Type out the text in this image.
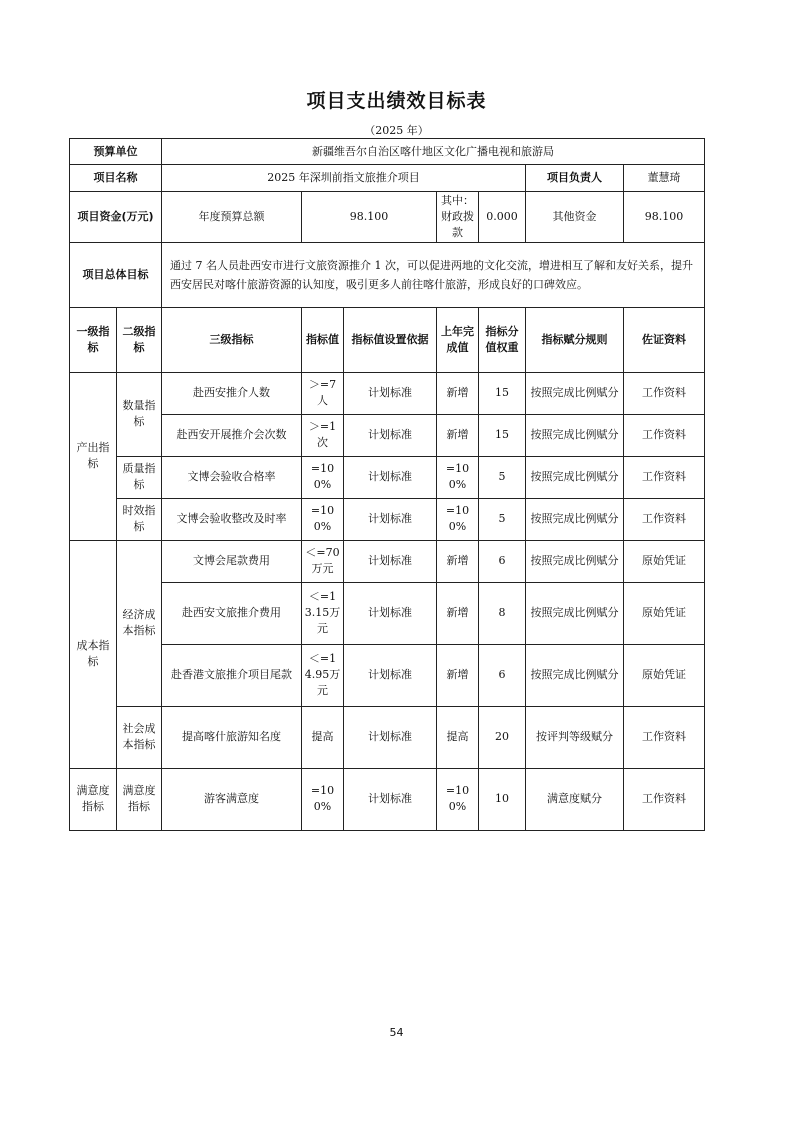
项目支出绩效目标表
（2025 年）
预算单位		新疆维吾尔自治区喀什地区文化广播电视和旅游局						
项目名称		2025 年深圳前指文旅推介项目					项目负责人	董慧琦
项目资金(万元)		年度预算总额	98.100		其中：财政拨款	0.000	其他资金	98.100
项目总体目标		通过 7 名人员赴西安市进行文旅资源推介 1 次，可以促进两地的文化交流，增进相互了解和友好关系，提升西安居民对喀什旅游资源的认知度，吸引更多人前往喀什旅游，形成良好的口碑效应。						
一级指标	二级指标	三级指标	指标值	指标值设置依据	上年完成值	指标分值权重	指标赋分规则	佐证资料
产出指标	数量指标	赴西安推介人数	＞=7人	计划标准	新增	15	按照完成比例赋分	工作资料
		赴西安开展推介会次数	＞=1次	计划标准	新增	15	按照完成比例赋分	工作资料
	质量指标	文博会验收合格率	=100%	计划标准	=100%	5	按照完成比例赋分	工作资料
	时效指标	文博会验收整改及时率	=100%	计划标准	=100%	5	按照完成比例赋分	工作资料
成本指标	经济成本指标	文博会尾款费用	＜=70万元	计划标准	新增	6	按照完成比例赋分	原始凭证
		赴西安文旅推介费用	＜=13.15万元	计划标准	新增	8	按照完成比例赋分	原始凭证
		赴香港文旅推介项目尾款	＜=14.95万元	计划标准	新增	6	按照完成比例赋分	原始凭证
	社会成本指标	提高喀什旅游知名度	提高	计划标准	提高	20	按评判等级赋分	工作资料
满意度指标	满意度指标	游客满意度	=100%	计划标准	=100%	10	满意度赋分	工作资料
54
